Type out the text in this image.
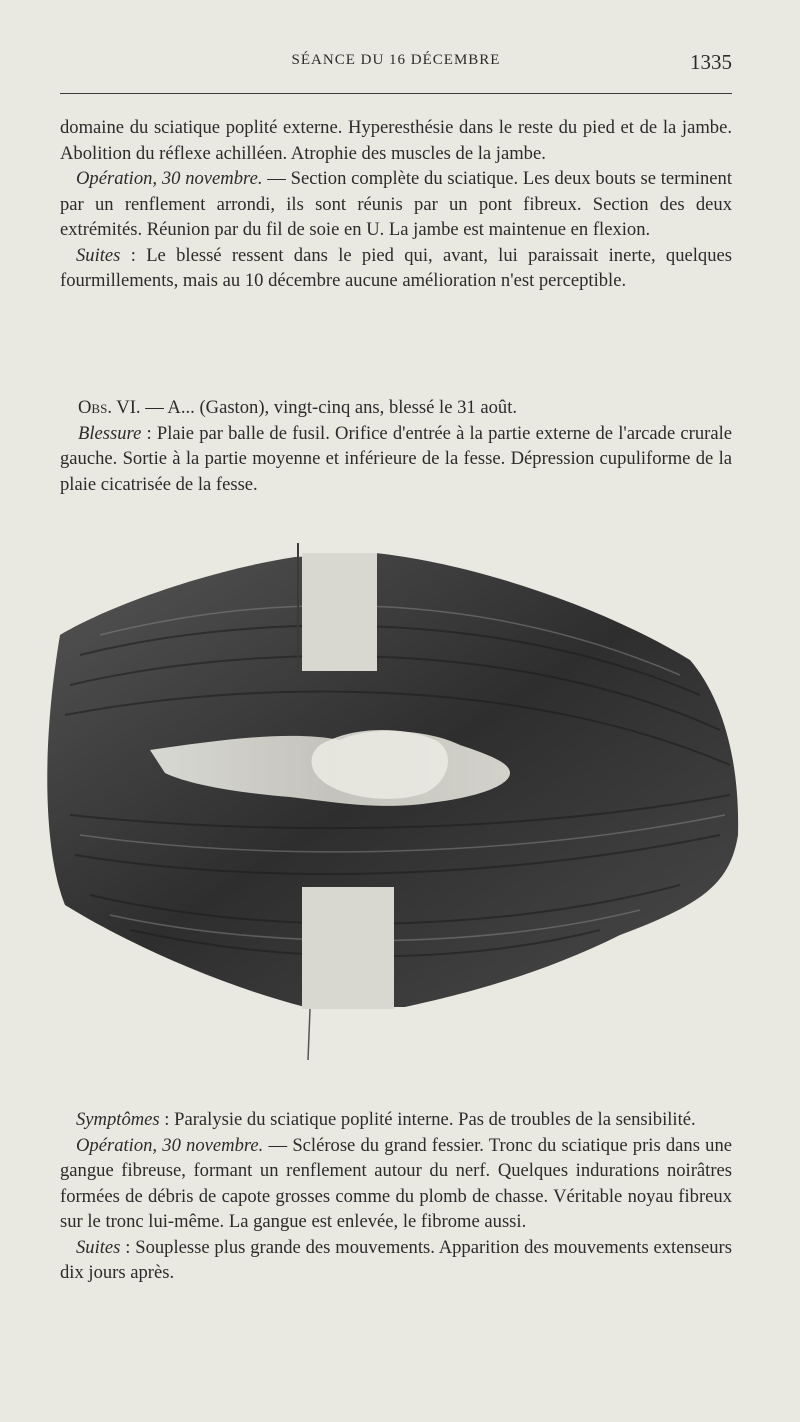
SÉANCE DU 16 DÉCEMBRE	1335

domaine du sciatique poplité externe. Hyperesthésie dans le reste du pied et de la jambe. Abolition du réflexe achilléen. Atrophie des muscles de la jambe.

Opération, 30 novembre. — Section complète du sciatique. Les deux bouts se terminent par un renflement arrondi, ils sont réunis par un pont fibreux. Section des deux extrémités. Réunion par du fil de soie en U. La jambe est maintenue en flexion.

Suites : Le blessé ressent dans le pied qui, avant, lui paraissait inerte, quelques fourmillements, mais au 10 décembre aucune amélioration n'est perceptible.

Obs. VI. — A... (Gaston), vingt-cinq ans, blessé le 31 août.

Blessure : Plaie par balle de fusil. Orifice d'entrée à la partie externe de l'arcade crurale gauche. Sortie à la partie moyenne et inférieure de la fesse. Dépression cupuliforme de la plaie cicatrisée de la fesse.

Symptômes : Paralysie du sciatique poplité interne. Pas de troubles de la sensibilité.

Opération, 30 novembre. — Sclérose du grand fessier. Tronc du sciatique pris dans une gangue fibreuse, formant un renflement autour du nerf. Quelques indurations noirâtres formées de débris de capote grosses comme du plomb de chasse. Véritable noyau fibreux sur le tronc lui-même. La gangue est enlevée, le fibrome aussi.

Suites : Souplesse plus grande des mouvements. Apparition des mouvements extenseurs dix jours après.
